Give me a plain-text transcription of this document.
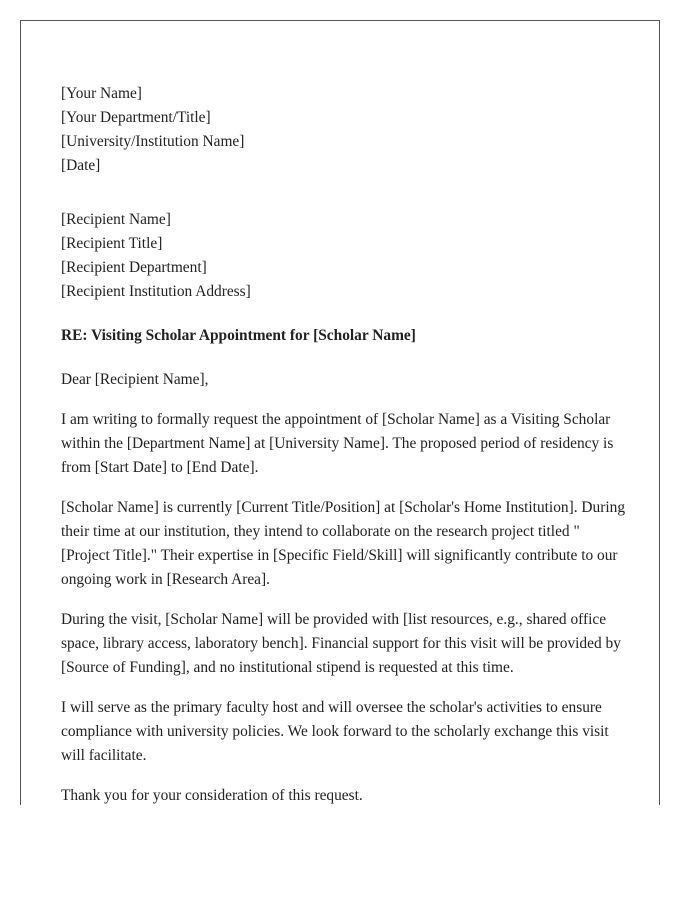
[Your Name]
[Your Department/Title]
[University/Institution Name]
[Date]
[Recipient Name]
[Recipient Title]
[Recipient Department]
[Recipient Institution Address]

RE: Visiting Scholar Appointment for [Scholar Name]

Dear [Recipient Name],

I am writing to formally request the appointment of [Scholar Name] as a Visiting Scholar within the [Department Name] at [University Name]. The proposed period of residency is from [Start Date] to [End Date].

[Scholar Name] is currently [Current Title/Position] at [Scholar's Home Institution]. During their time at our institution, they intend to collaborate on the research project titled "[Project Title]." Their expertise in [Specific Field/Skill] will significantly contribute to our ongoing work in [Research Area].

During the visit, [Scholar Name] will be provided with [list resources, e.g., shared office space, library access, laboratory bench]. Financial support for this visit will be provided by [Source of Funding], and no institutional stipend is requested at this time.

I will serve as the primary faculty host and will oversee the scholar's activities to ensure compliance with university policies. We look forward to the scholarly exchange this visit will facilitate.

Thank you for your consideration of this request.
